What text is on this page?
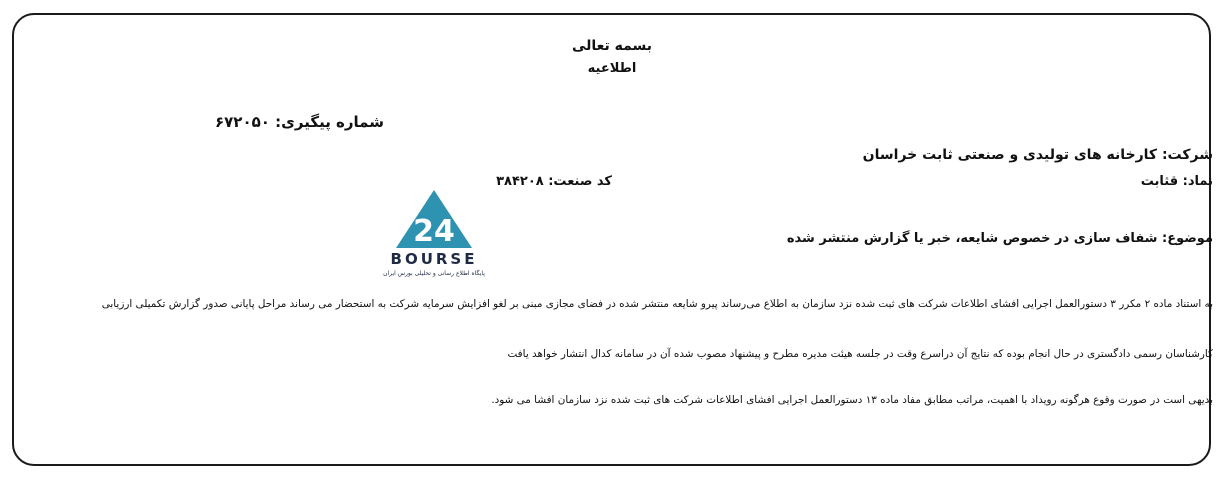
بسمه تعالی
اطلاعیه
شماره پیگیری: ۶۷۲۰۵۰
شرکت: کارخانه های تولیدی و صنعتی ثابت خراسان
نماد: قثابت
کد صنعت: ۳۸۴۲۰۸
موضوع: شفاف سازی در خصوص شایعه، خبر یا گزارش منتشر شده
24
BOURSE
پایگاه اطلاع رسانی و تحلیلی بورس ایران
به استناد ماده ۲ مکرر ۳ دستورالعمل اجرایی افشای اطلاعات شرکت های ثبت شده نزد سازمان به اطلاع می‌رساند پیرو شایعه منتشر شده در فضای مجازی مبنی بر لغو افزایش سرمایه شرکت به استحضار می رساند مراحل پایانی صدور گزارش تکمیلی ارزیابی
کارشناسان رسمی دادگستری در حال انجام بوده که نتایج آن دراسرع وقت در جلسه هیئت مدیره مطرح و پیشنهاد مصوب شده آن در سامانه کدال انتشار خواهد یافت
بدیهی است در صورت وقوع هرگونه رویداد با اهمیت، مراتب مطابق مفاد ماده ۱۳ دستورالعمل اجرایی افشای اطلاعات شرکت های ثبت شده نزد سازمان افشا می شود.
